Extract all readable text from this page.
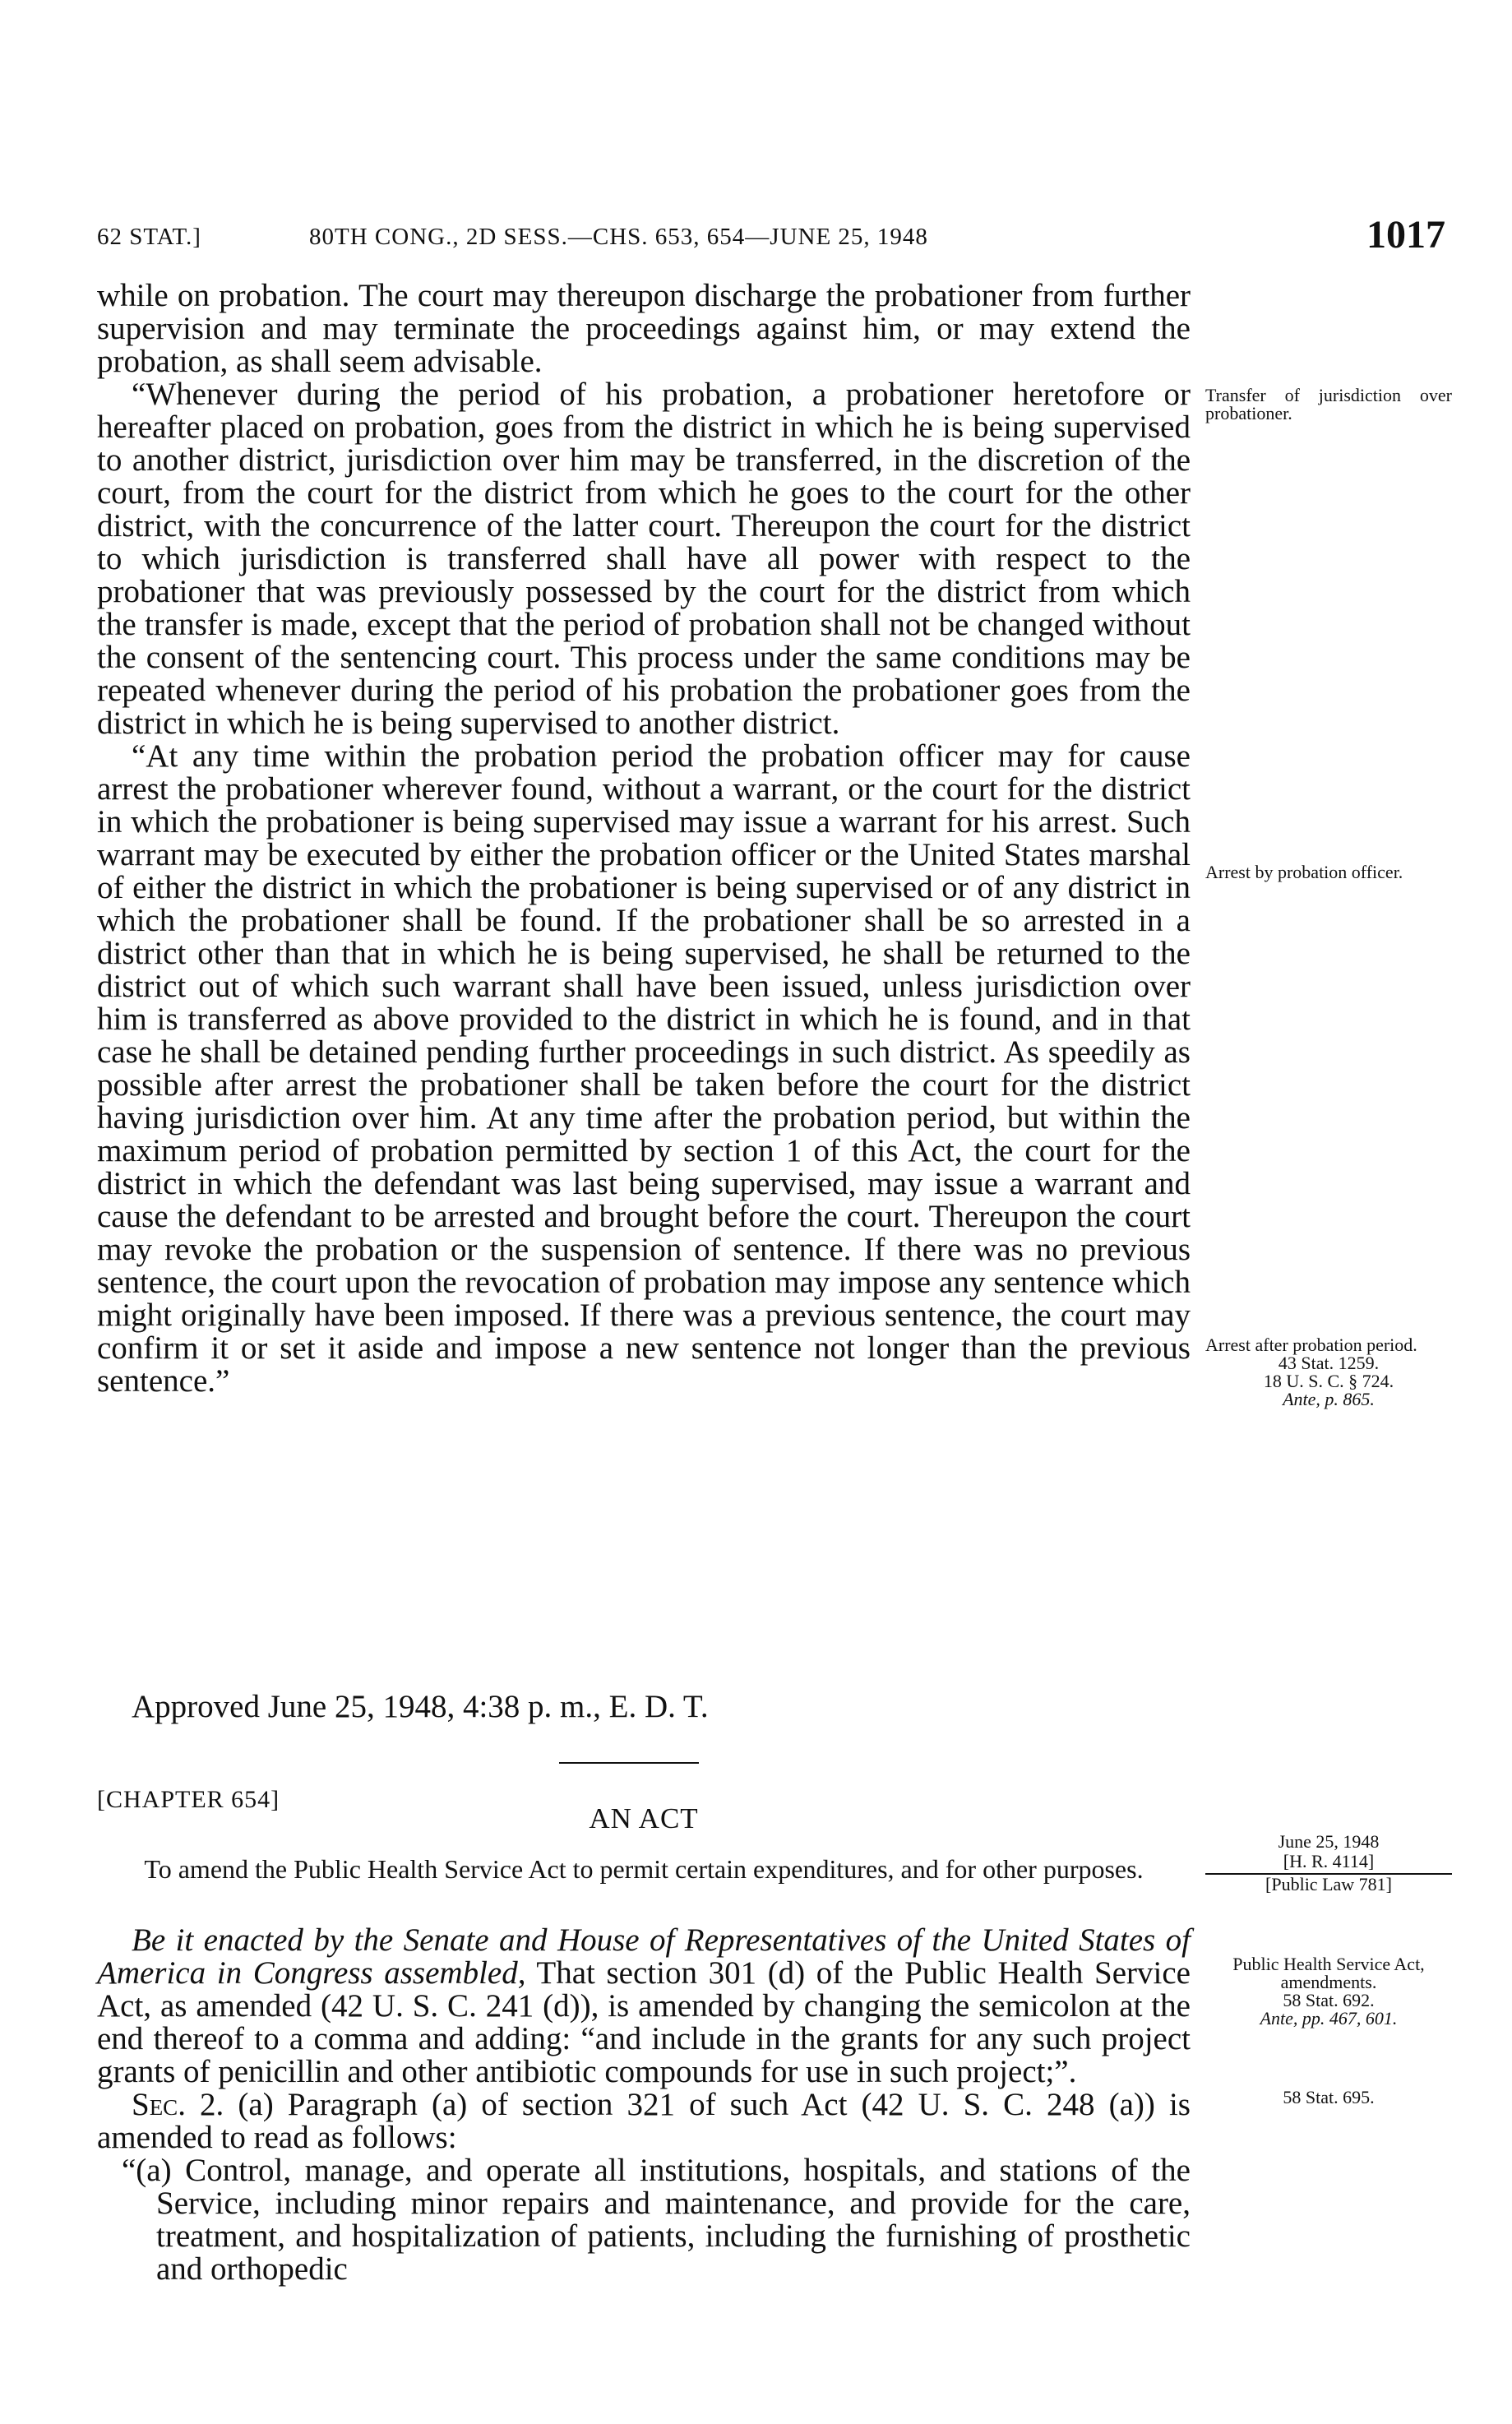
62 STAT.]	80TH CONG., 2D SESS.—CHS. 653, 654—JUNE 25, 1948	1017

while on probation. The court may thereupon discharge the probationer from further supervision and may terminate the proceedings against him, or may extend the probation, as shall seem advisable.

“Whenever during the period of his probation, a probationer heretofore or hereafter placed on probation, goes from the district in which he is being supervised to another district, jurisdiction over him may be transferred, in the discretion of the court, from the court for the district from which he goes to the court for the other district, with the concurrence of the latter court. Thereupon the court for the district to which jurisdiction is transferred shall have all power with respect to the probationer that was previously possessed by the court for the district from which the transfer is made, except that the period of probation shall not be changed without the consent of the sentencing court. This process under the same conditions may be repeated whenever during the period of his probation the probationer goes from the district in which he is being supervised to another district.

“At any time within the probation period the probation officer may for cause arrest the probationer wherever found, without a warrant, or the court for the district in which the probationer is being supervised may issue a warrant for his arrest. Such warrant may be executed by either the probation officer or the United States marshal of either the district in which the probationer is being supervised or of any district in which the probationer shall be found. If the probationer shall be so arrested in a district other than that in which he is being supervised, he shall be returned to the district out of which such warrant shall have been issued, unless jurisdiction over him is transferred as above provided to the district in which he is found, and in that case he shall be detained pending further proceedings in such district. As speedily as possible after arrest the probationer shall be taken before the court for the district having jurisdiction over him. At any time after the probation period, but within the maximum period of probation permitted by section 1 of this Act, the court for the district in which the defendant was last being supervised, may issue a warrant and cause the defendant to be arrested and brought before the court. Thereupon the court may revoke the probation or the suspension of sentence. If there was no previous sentence, the court upon the revocation of probation may impose any sentence which might originally have been imposed. If there was a previous sentence, the court may confirm it or set it aside and impose a new sentence not longer than the previous sentence.”

Approved June 25, 1948, 4:38 p. m., E. D. T.
[CHAPTER 654]
AN ACT
To amend the Public Health Service Act to permit certain expenditures, and for other purposes.

Be it enacted by the Senate and House of Representatives of the United States of America in Congress assembled, That section 301 (d) of the Public Health Service Act, as amended (42 U. S. C. 241 (d)), is amended by changing the semicolon at the end thereof to a comma and adding: “and include in the grants for any such project grants of penicillin and other antibiotic compounds for use in such project;”.

Sec. 2. (a) Paragraph (a) of section 321 of such Act (42 U. S. C. 248 (a)) is amended to read as follows:

“(a) Control, manage, and operate all institutions, hospitals, and stations of the Service, including minor repairs and maintenance, and provide for the care, treatment, and hospitalization of patients, including the furnishing of prosthetic and orthopedic

Transfer of jurisdiction over probationer.
Arrest by probation officer.
Arrest after probation period.
43 Stat. 1259.
18 U. S. C. § 724.
Ante, p. 865.
June 25, 1948
[H. R. 4114]
[Public Law 781]
Public Health Service Act, amendments.
58 Stat. 692.
Ante, pp. 467, 601.
58 Stat. 695.
